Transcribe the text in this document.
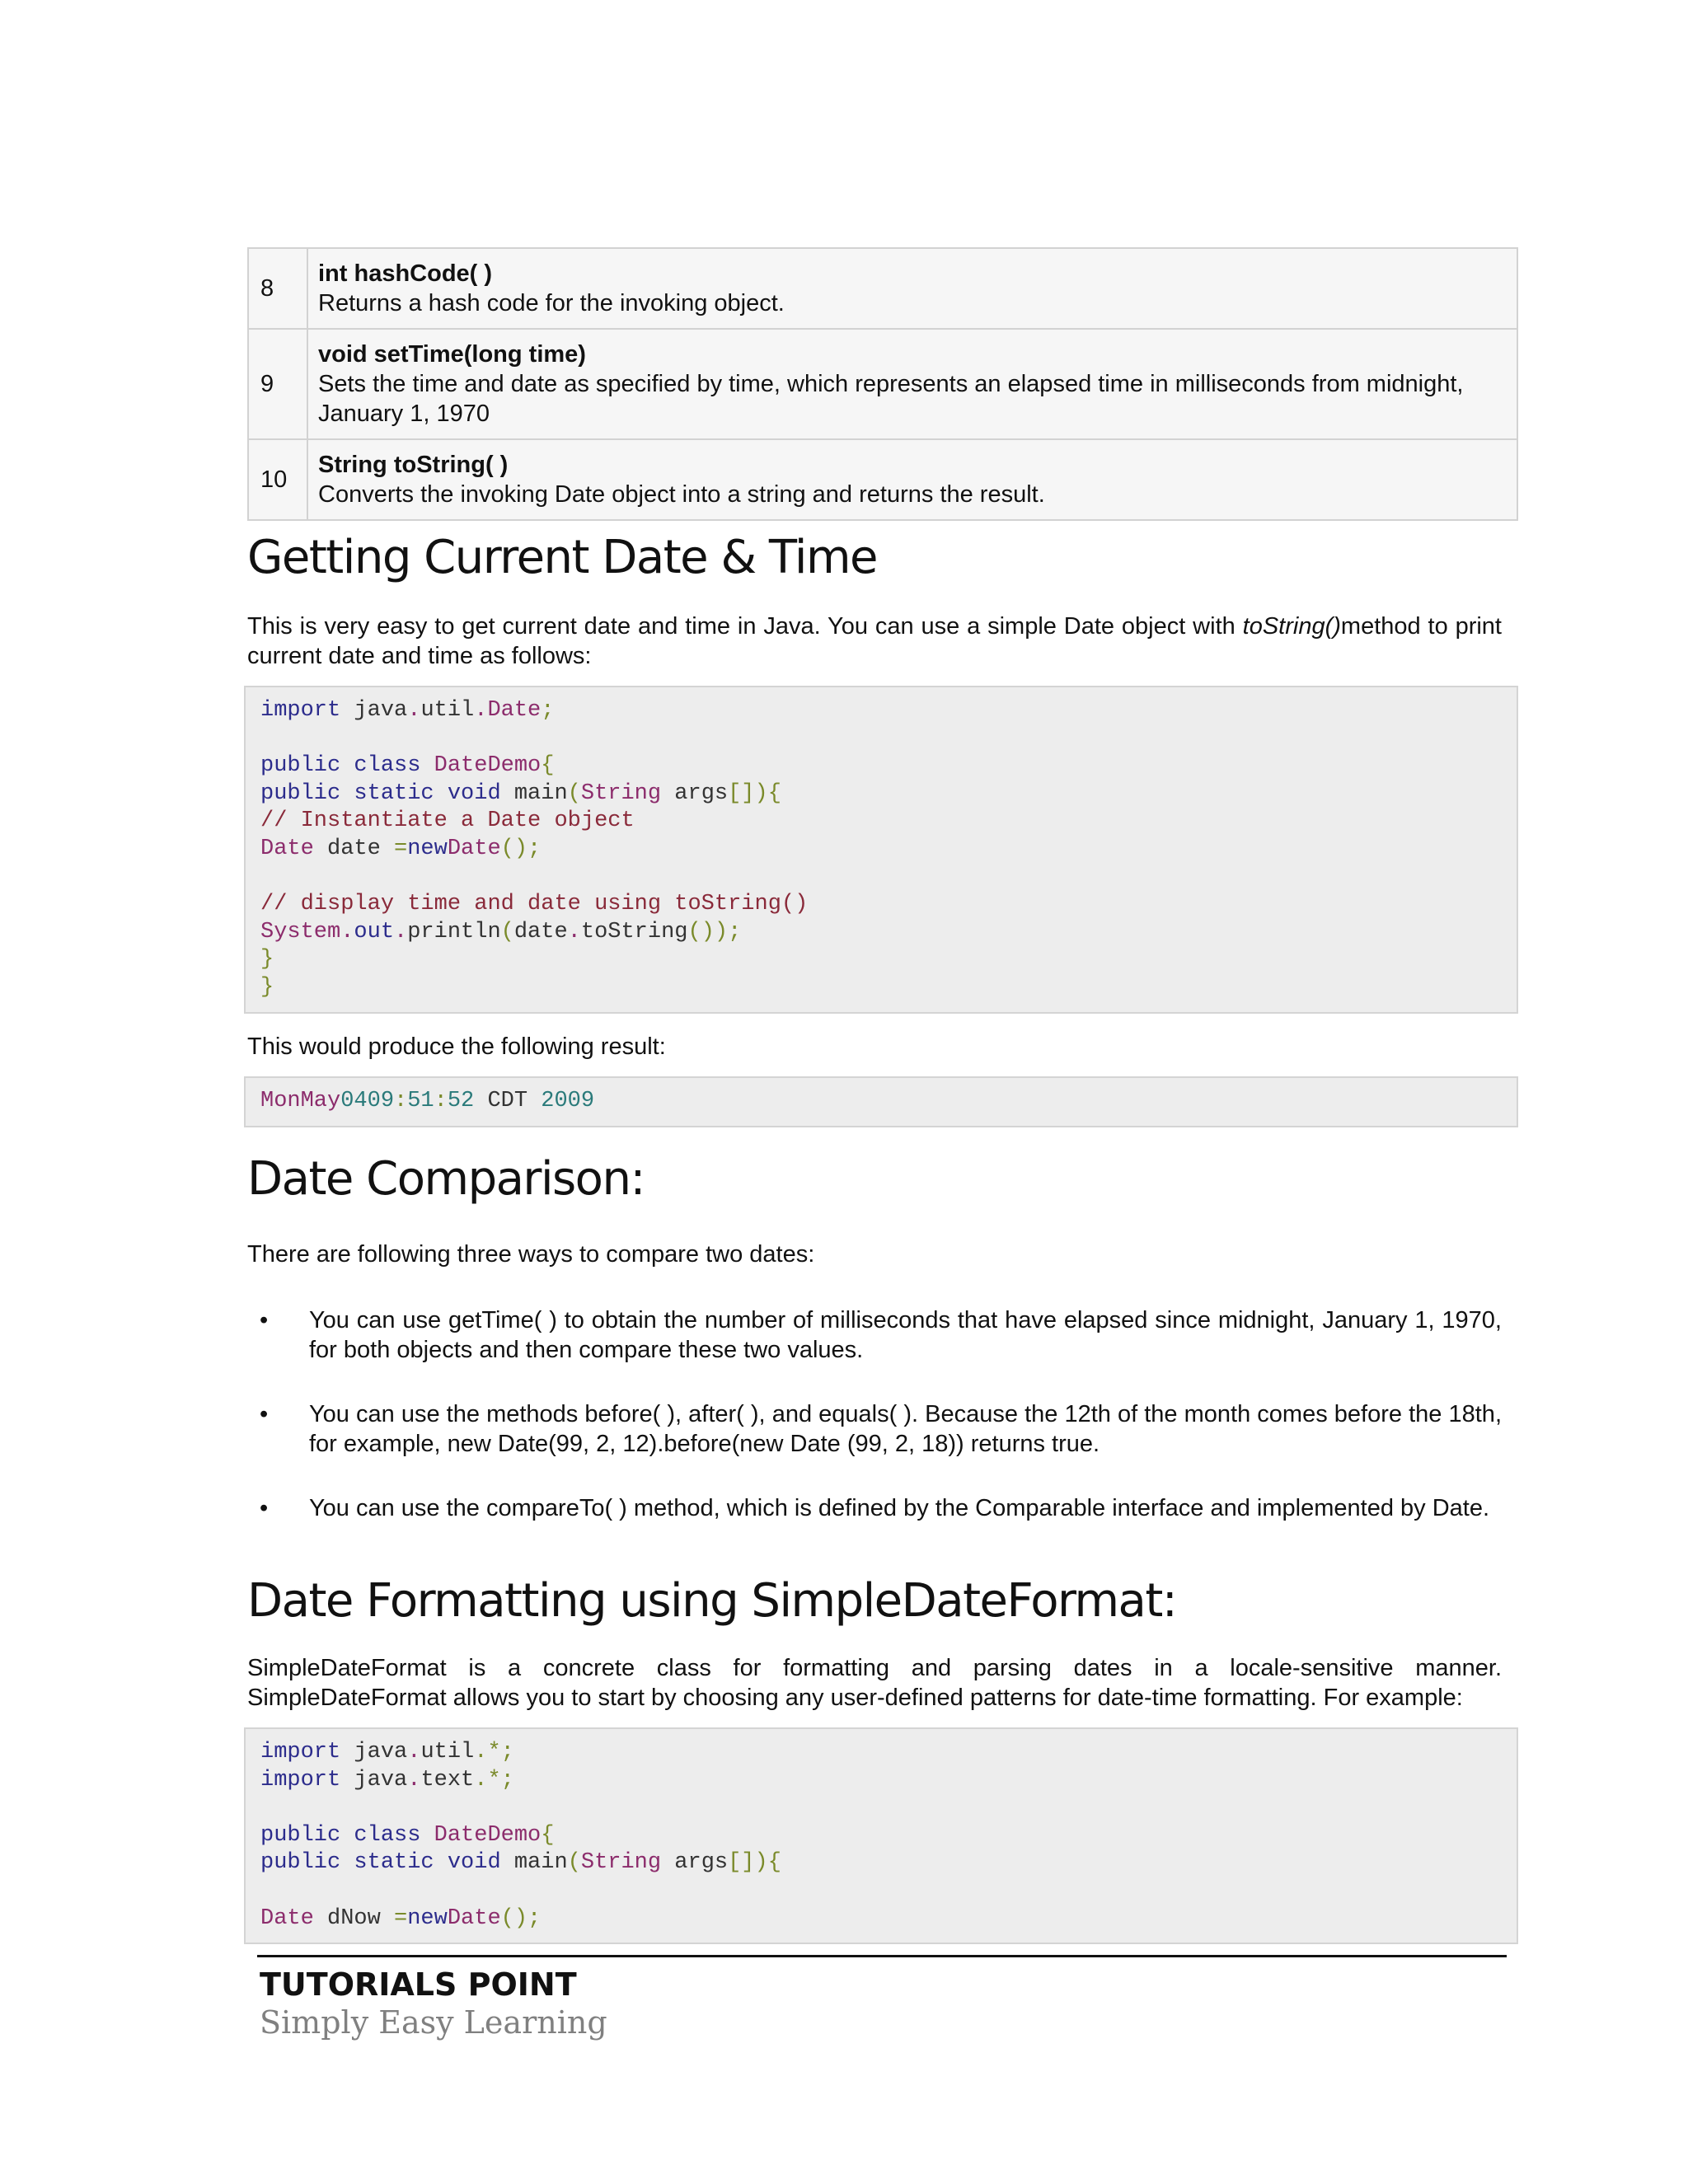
8	int hashCode( )
Returns a hash code for the invoking object.

9	void setTime(long time)
Sets the time and date as specified by time, which represents an elapsed time in milliseconds from midnight, January 1, 1970

10	String toString( )
Converts the invoking Date object into a string and returns the result.
Getting Current Date & Time

This is very easy to get current date and time in Java. You can use a simple Date object with toString()method to print current date and time as follows:

import java.util.Date;

public class DateDemo{
public static void main(String args[]){
// Instantiate a Date object
Date date =newDate();

// display time and date using toString()
System.out.println(date.toString());
}
}

This would produce the following result:

MonMay0409:51:52 CDT 2009
Date Comparison:

There are following three ways to compare two dates:

• You can use getTime( ) to obtain the number of milliseconds that have elapsed since midnight, January 1, 1970, for both objects and then compare these two values.
• You can use the methods before( ), after( ), and equals( ). Because the 12th of the month comes before the 18th, for example, new Date(99, 2, 12).before(new Date (99, 2, 18)) returns true.
• You can use the compareTo( ) method, which is defined by the Comparable interface and implemented by Date.
Date Formatting using SimpleDateFormat:

SimpleDateFormat is a concrete class for formatting and parsing dates in a locale-sensitive manner. SimpleDateFormat allows you to start by choosing any user-defined patterns for date-time formatting. For example:

import java.util.*;
import java.text.*;

public class DateDemo{
public static void main(String args[]){

Date dNow =newDate();
TUTORIALS POINT
Simply Easy Learning
